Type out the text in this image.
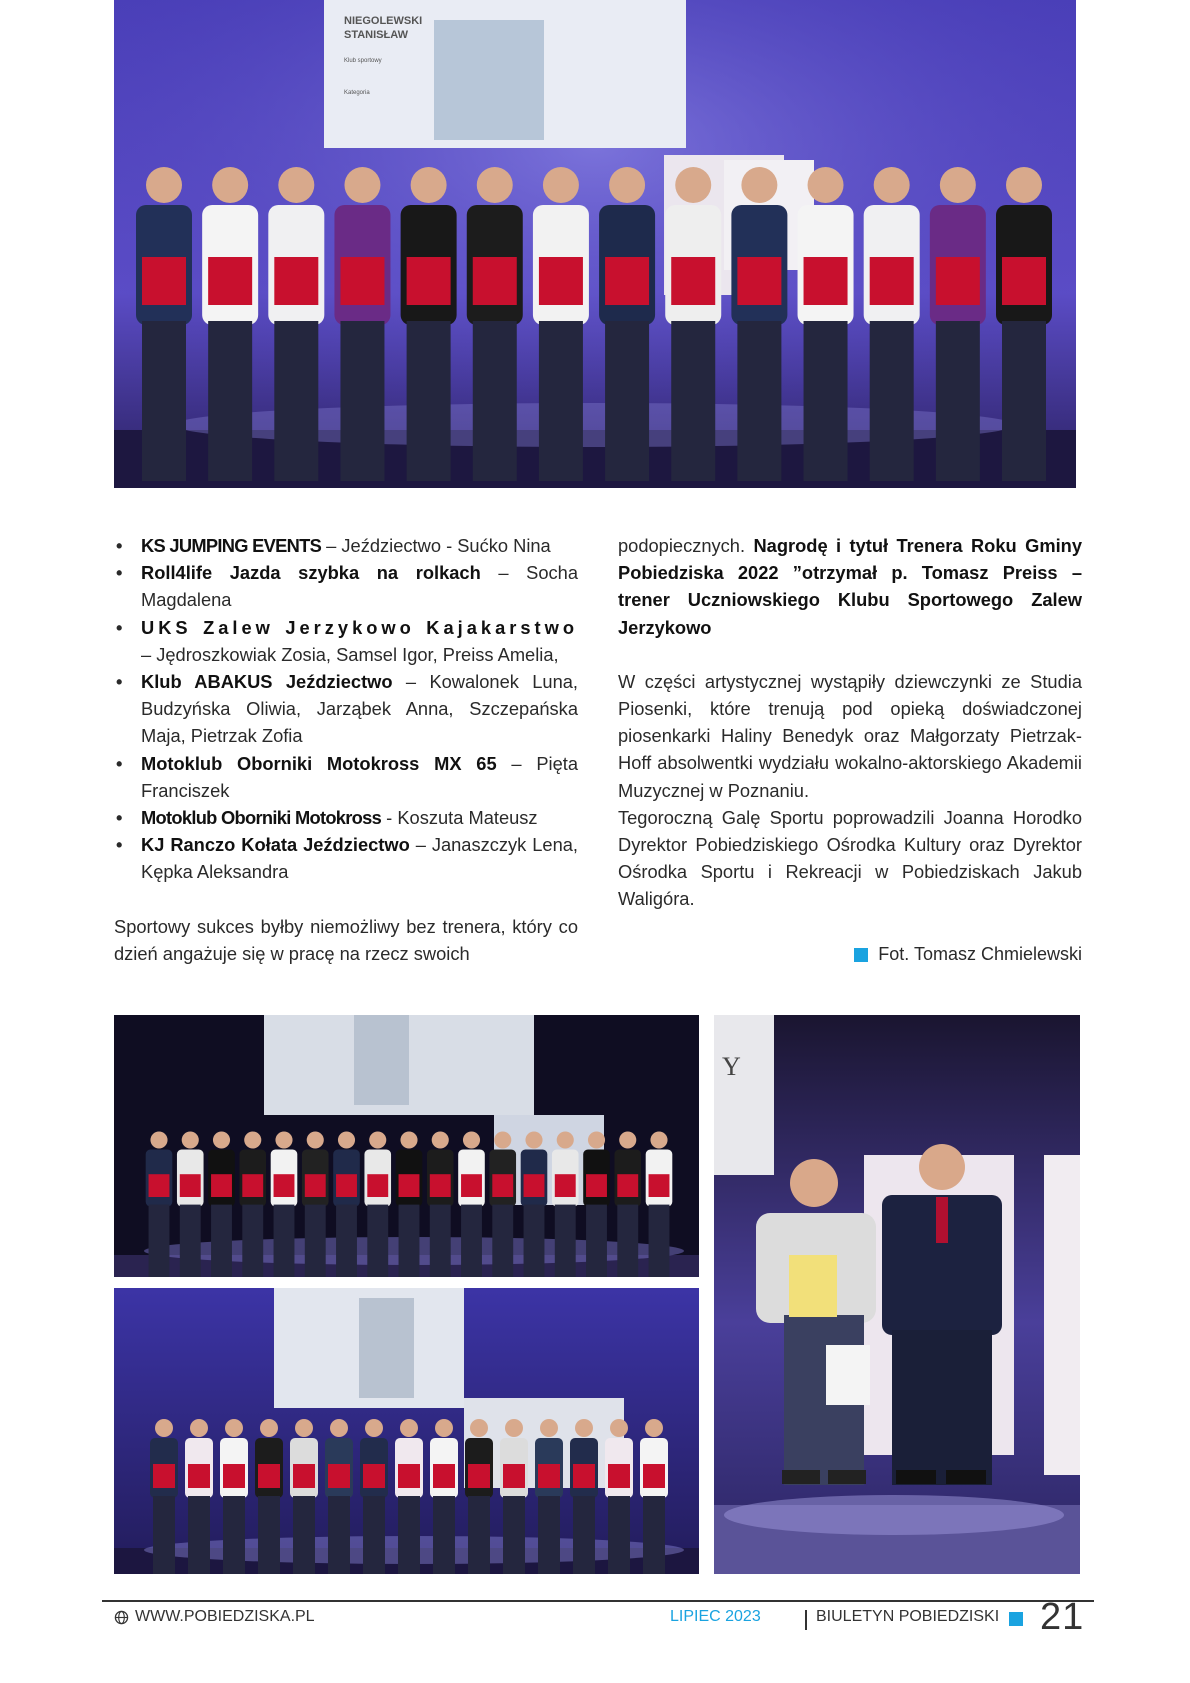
NIEGOLEWSKI STANISŁAW
Klub sportowy
Kategoria
• KS JUMPING EVENTS – Jeździectwo - Sućko Nina
• Roll4life Jazda szybka na rolkach – Socha Magdalena
• UKS Zalew Jerzykowo Kajakarstwo – Jędroszkowiak Zosia, Samsel Igor, Preiss Amelia,
• Klub ABAKUS Jeździectwo – Kowalonek Luna, Budzyńska Oliwia, Jarząbek Anna, Szczepańska Maja, Pietrzak Zofia
• Motoklub Oborniki Motokross MX 65 – Pięta Franciszek
• Motoklub Oborniki Motokross - Koszuta Mateusz
• KJ Ranczo Kołata Jeździectwo – Janaszczyk Lena, Kępka Aleksandra

Sportowy sukces byłby niemożliwy bez trenera, który co dzień angażuje się w pracę na rzecz swoich

podopiecznych. Nagrodę i tytuł Trenera Roku Gminy Pobiedziska 2022 ”otrzymał p. Tomasz Preiss – trener Uczniowskiego Klubu Sportowego Zalew Jerzykowo

W części artystycznej wystąpiły dziewczynki ze Studia Piosenki, które trenują pod opieką doświadczonej piosenkarki Haliny Benedyk oraz Małgorzaty Pietrzak-Hoff absolwentki wydziału wokalno-aktorskiego Akademii Muzycznej w Poznaniu.

Tegoroczną Galę Sportu poprowadzili Joanna Horodko Dyrektor Pobiedziskiego Ośrodka Kultury oraz Dyrektor Ośrodka Sportu i Rekreacji w Pobiedziskach Jakub Waligóra.

Fot. Tomasz Chmielewski
Y
WWW.POBIEDZISKA.PL	LIPIEC 2023	BIULETYN POBIEDZISKI 21
